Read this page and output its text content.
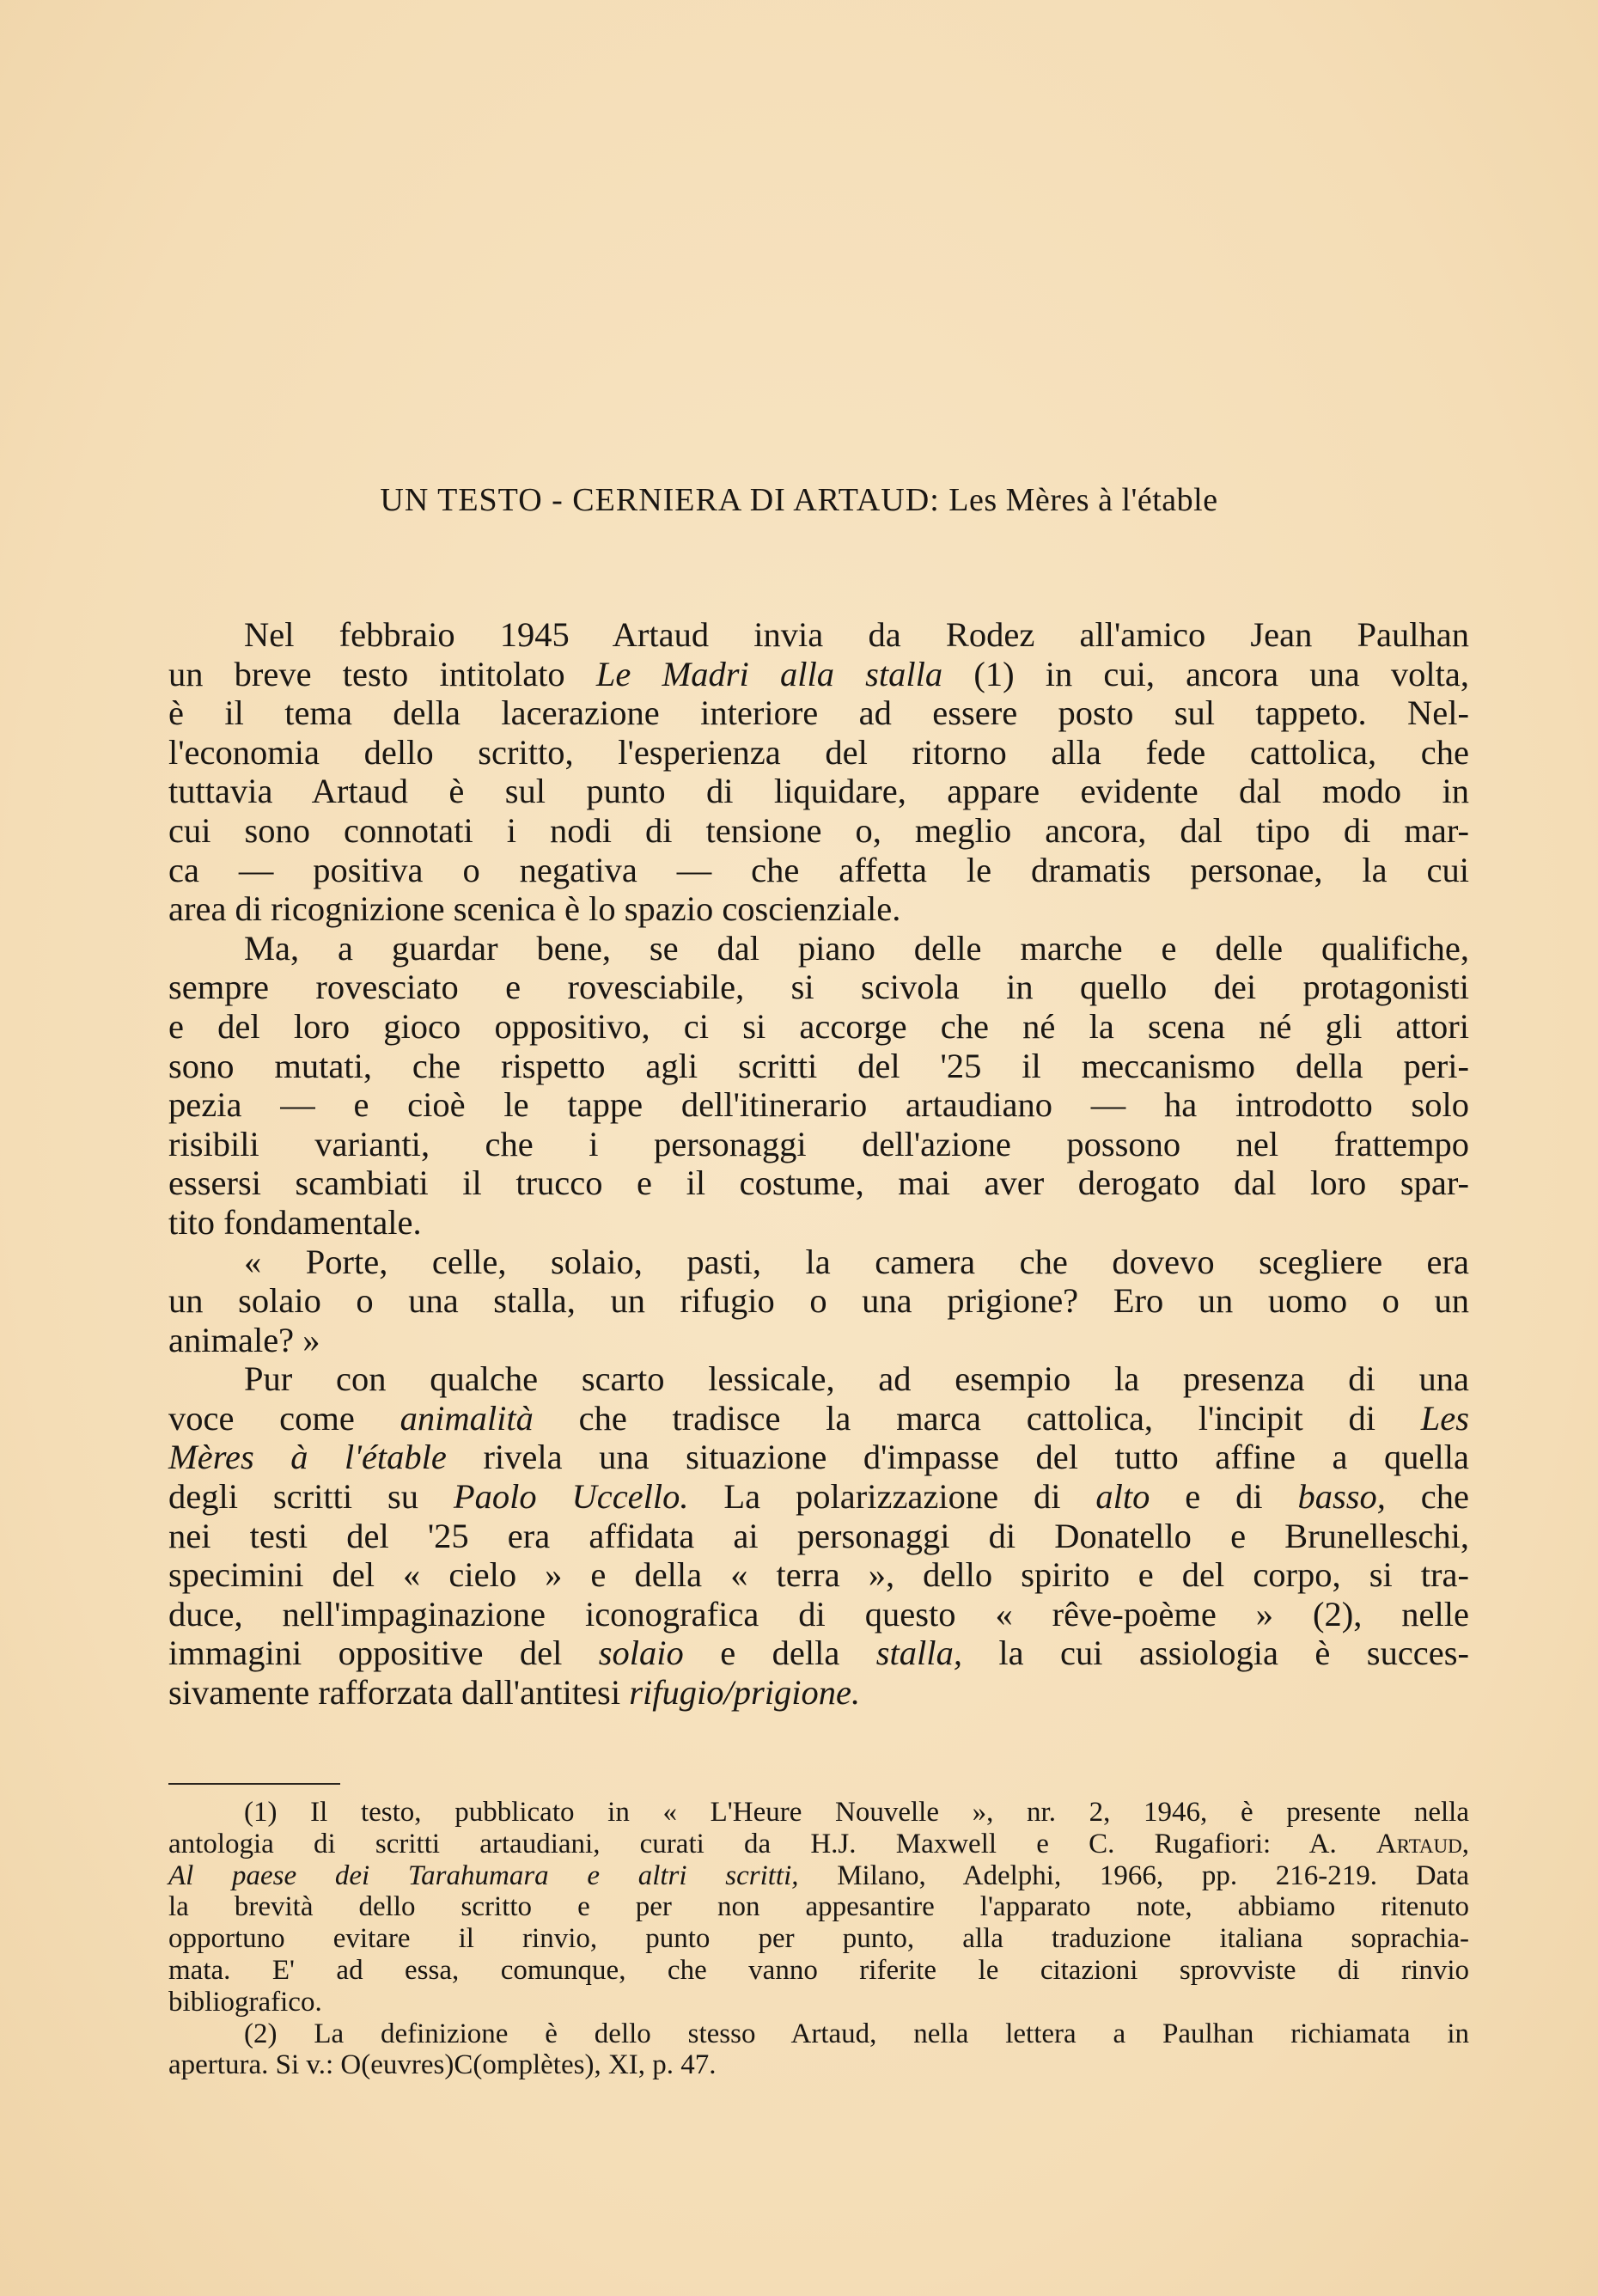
UN TESTO - CERNIERA DI ARTAUD: Les Mères à l'étable
Nel febbraio 1945 Artaud invia da Rodez all'amico Jean Paulhan
un breve testo intitolato Le Madri alla stalla (1) in cui, ancora una volta,
è il tema della lacerazione interiore ad essere posto sul tappeto. Nel-
l'economia dello scritto, l'esperienza del ritorno alla fede cattolica, che
tuttavia Artaud è sul punto di liquidare, appare evidente dal modo in
cui sono connotati i nodi di tensione o, meglio ancora, dal tipo di mar-
ca — positiva o negativa — che affetta le dramatis personae, la cui
area di ricognizione scenica è lo spazio coscienziale.
Ma, a guardar bene, se dal piano delle marche e delle qualifiche,
sempre rovesciato e rovesciabile, si scivola in quello dei protagonisti
e del loro gioco oppositivo, ci si accorge che né la scena né gli attori
sono mutati, che rispetto agli scritti del '25 il meccanismo della peri-
pezia — e cioè le tappe dell'itinerario artaudiano — ha introdotto solo
risibili varianti, che i personaggi dell'azione possono nel frattempo
essersi scambiati il trucco e il costume, mai aver derogato dal loro spar-
tito fondamentale.
« Porte, celle, solaio, pasti, la camera che dovevo scegliere era
un solaio o una stalla, un rifugio o una prigione? Ero un uomo o un
animale? »
Pur con qualche scarto lessicale, ad esempio la presenza di una
voce come animalità che tradisce la marca cattolica, l'incipit di Les
Mères à l'étable rivela una situazione d'impasse del tutto affine a quella
degli scritti su Paolo Uccello. La polarizzazione di alto e di basso, che
nei testi del '25 era affidata ai personaggi di Donatello e Brunelleschi,
specimini del « cielo » e della « terra », dello spirito e del corpo, si tra-
duce, nell'impaginazione iconografica di questo « rêve-poème » (2), nelle
immagini oppositive del solaio e della stalla, la cui assiologia è succes-
sivamente rafforzata dall'antitesi rifugio/prigione.
(1) Il testo, pubblicato in « L'Heure Nouvelle », nr. 2, 1946, è presente nella
antologia di scritti artaudiani, curati da H.J. Maxwell e C. Rugafiori: A. Artaud,
Al paese dei Tarahumara e altri scritti, Milano, Adelphi, 1966, pp. 216-219. Data
la brevità dello scritto e per non appesantire l'apparato note, abbiamo ritenuto
opportuno evitare il rinvio, punto per punto, alla traduzione italiana soprachia-
mata. E' ad essa, comunque, che vanno riferite le citazioni sprovviste di rinvio
bibliografico.
(2) La definizione è dello stesso Artaud, nella lettera a Paulhan richiamata in
apertura. Si v.: O(euvres)C(omplètes), XI, p. 47.
